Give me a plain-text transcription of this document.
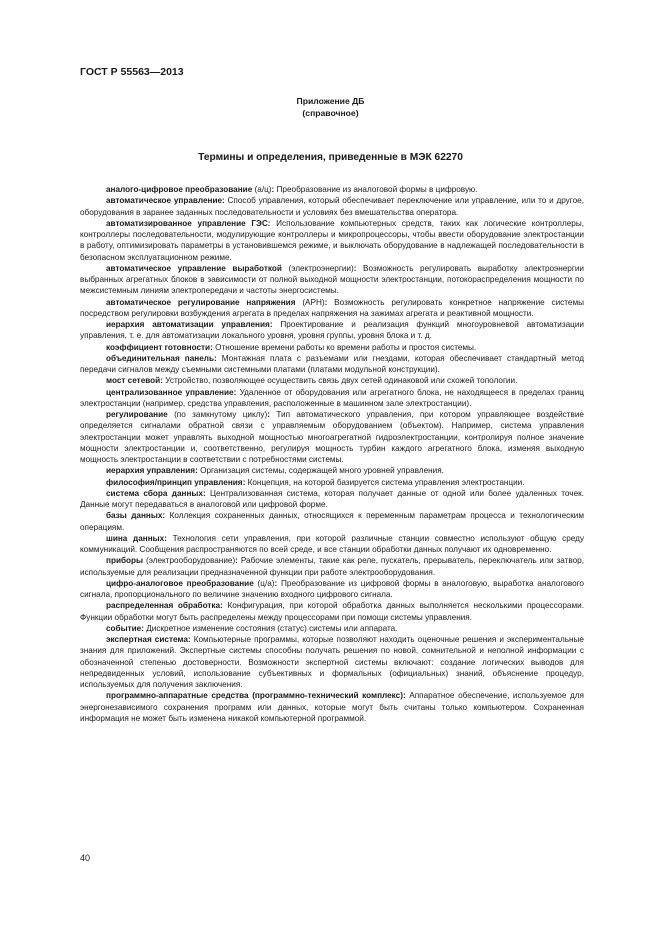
ГОСТ Р 55563—2013
Приложение ДБ
(справочное)
Термины и определения, приведенные в МЭК 62270

аналого-цифровое преобразование (а/ц): Преобразование из аналоговой формы в цифровую.

автоматическое управление: Способ управления, который обеспечивает переключение или управление, или то и другое, оборудования в заранее заданных последовательности и условиях без вмешательства оператора.

автоматизированное управление ГЭС: Использование компьютерных средств, таких как логические контроллеры, контроллеры последовательности, модулирующие контроллеры и микропроцессоры, чтобы ввести оборудование электростанции в работу, оптимизировать параметры в установившемся режиме, и выключать оборудование в надлежащей последовательности в безопасном эксплуатационном режиме.

автоматическое управление выработкой (электроэнергии): Возможность регулировать выработку электроэнергии выбранных агрегатных блоков в зависимости от полной выходной мощности электростанции, потокораспределения мощности по межсистемным линиям электропередачи и частоты энергосистемы.

автоматическое регулирование напряжения (АРН): Возможность регулировать конкретное напряжение системы посредством регулировки возбуждения агрегата в пределах напряжения на зажимах агрегата и реактивной мощности.

иерархия автоматизации управления: Проектирование и реализация функций многоуровневой автоматизации управления, т. е. для автоматизации локального уровня, уровня группы, уровня блока и т. д.

коэффициент готовности: Отношение времени работы ко времени работы и простоя системы.

объединительная панель: Монтажная плата с разъемами или гнездами, которая обеспечивает стандартный метод передачи сигналов между съемными системными платами (платами модульной конструкции).

мост сетевой: Устройство, позволяющее осуществить связь двух сетей одинаковой или схожей топологии.

централизованное управление: Удаленное от оборудования или агрегатного блока, не находящееся в пределах границ электростанции (например, средства управления, расположенные в машинном зале электростанции).

регулирование (по замкнутому циклу): Тип автоматического управления, при котором управляющее воздействие определяется сигналами обратной связи с управляемым оборудованием (объектом). Например, система управления электростанции может управлять выходной мощностью многоагрегатной гидроэлектростанции, контролируя полное значение мощности электростанции и, соответственно, регулируя мощность турбин каждого агрегатного блока, изменяя выходную мощность электростанции в соответствии с потребностями системы.

иерархия управления: Организация системы, содержащей много уровней управления.

философия/принцип управления: Концепция, на которой базируется система управления электростанции.

система сбора данных: Централизованная система, которая получает данные от одной или более удаленных точек. Данные могут передаваться в аналоговой или цифровой форме.

базы данных: Коллекция сохраненных данных, относящихся к переменным параметрам процесса и технологическим операциям.

шина данных: Технология сети управления, при которой различные станции совместно используют общую среду коммуникаций. Сообщения распространяются по всей среде, и все станции обработки данных получают их одновременно.

приборы (электрооборудование): Рабочие элементы, такие как реле, пускатель, прерыватель, переключатель или затвор, используемые для реализации предназначенной функции при работе электрооборудования.

цифро-аналоговое преобразование (ц/а): Преобразование из цифровой формы в аналоговую, выработка аналогового сигнала, пропорционального по величине значению входного цифрового сигнала.

распределенная обработка: Конфигурация, при которой обработка данных выполняется несколькими процессорами. Функции обработки могут быть распределены между процессорами при помощи системы управления.

событие: Дискретное изменение состояния (статус) системы или аппарата.

экспертная система: Компьютерные программы, которые позволяют находить оценочные решения и экспериментальные знания для приложений. Экспертные системы способны получать решения по новой, сомнительной и неполной информации с обозначенной степенью достоверности. Возможности экспертной системы включают: создание логических выводов для непредвиденных условий, использование субъективных и формальных (официальных) знаний, объяснение процедур, используемых для получения заключения.

программно-аппаратные средства (программно-технический комплекс): Аппаратное обеспечение, используемое для энергонезависимого сохранения программ или данных, которые могут быть считаны только компьютером. Сохраненная информация не может быть изменена никакой компьютерной программой.

40
